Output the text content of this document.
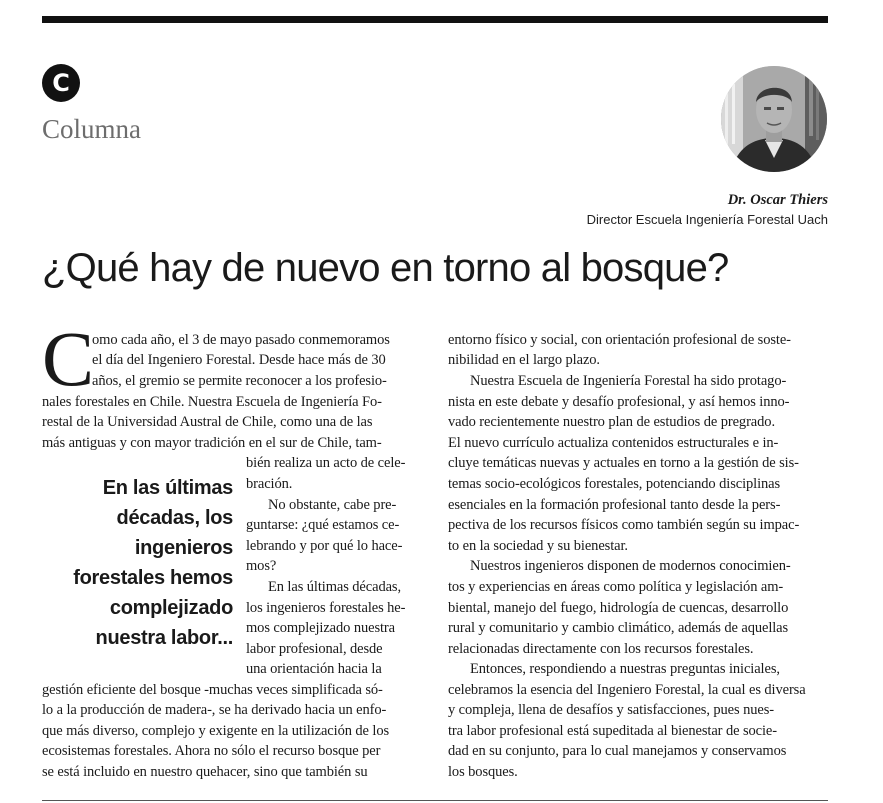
C
Columna
Dr. Oscar Thiers
Director Escuela Ingeniería Forestal Uach
¿Qué hay de nuevo en torno al bosque?
C
En las últimas
décadas, los
ingenieros
forestales hemos
complejizado
nuestra labor...
omo cada año, el 3 de mayo pasado conmemoramos
el día del Ingeniero Forestal. Desde hace más de 30
años, el gremio se permite reconocer a los profesio-
nales forestales en Chile. Nuestra Escuela de Ingeniería Fo-
restal de la Universidad Austral de Chile, como una de las
más antiguas y con mayor tradición en el sur de Chile, tam-
bién realiza un acto de cele-
bración.
No obstante, cabe pre-
guntarse: ¿qué estamos ce-
lebrando y por qué lo hace-
mos?
En las últimas décadas,
los ingenieros forestales he-
mos complejizado nuestra
labor profesional, desde
una orientación hacia la
gestión eficiente del bosque -muchas veces simplificada só-
lo a la producción de madera-, se ha derivado hacia un enfo-
que más diverso, complejo y exigente en la utilización de los
ecosistemas forestales. Ahora no sólo el recurso bosque per
se está incluido en nuestro quehacer, sino que también su
entorno físico y social, con orientación profesional de soste-
nibilidad en el largo plazo.
Nuestra Escuela de Ingeniería Forestal ha sido protago-
nista en este debate y desafío profesional, y así hemos inno-
vado recientemente nuestro plan de estudios de pregrado.
El nuevo currículo actualiza contenidos estructurales e in-
cluye temáticas nuevas y actuales en torno a la gestión de sis-
temas socio-ecológicos forestales, potenciando disciplinas
esenciales en la formación profesional tanto desde la pers-
pectiva de los recursos físicos como también según su impac-
to en la sociedad y su bienestar.
Nuestros ingenieros disponen de modernos conocimien-
tos y experiencias en áreas como política y legislación am-
biental, manejo del fuego, hidrología de cuencas, desarrollo
rural y comunitario y cambio climático, además de aquellas
relacionadas directamente con los recursos forestales.
Entonces, respondiendo a nuestras preguntas iniciales,
celebramos la esencia del Ingeniero Forestal, la cual es diversa
y compleja, llena de desafíos y satisfacciones, pues nues-
tra labor profesional está supeditada al bienestar de socie-
dad en su conjunto, para lo cual manejamos y conservamos
los bosques.
